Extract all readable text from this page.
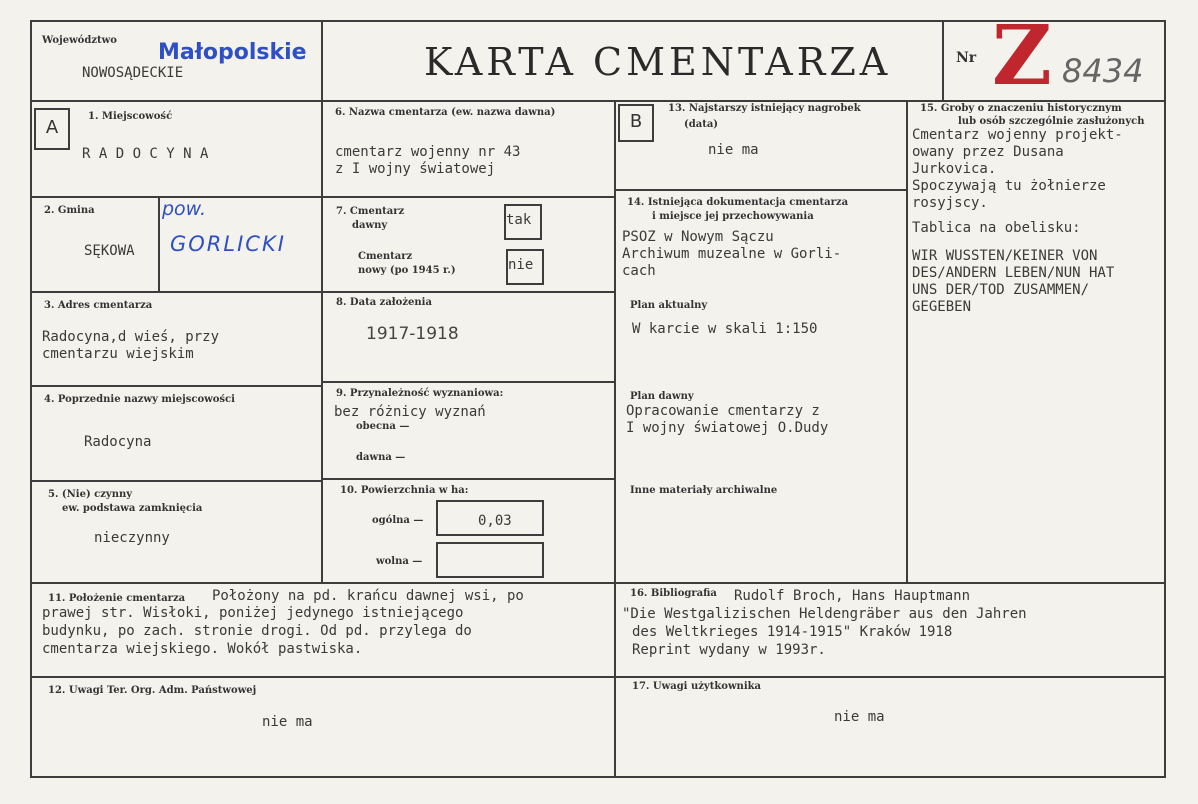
Województwo Małopolskie
NOWOSĄDECKIE	KARTA CMENTARZA	Nr Z 8434
A
1. Miejscowość
R A D O C Y N A
2. Gmina
SĘKOWA
pow.
GORLICKI
3. Adres cmentarza
Radocyna,d wieś, przy
cmentarzu wiejskim
4. Poprzednie nazwy miejscowości
Radocyna
5. (Nie) czynny
ew. podstawa zamknięcia
nieczynny
6. Nazwa cmentarza (ew. nazwa dawna)
cmentarz wojenny nr 43
z I wojny światowej
7. Cmentarz
dawny	tak
Cmentarz
nowy (po 1945 r.)	nie
8. Data założenia
1917-1918
9. Przynależność wyznaniowa:
bez różnicy wyznań
obecna —
dawna —
10. Powierzchnia w ha:
ogólna —	0,03
wolna —
B
13. Najstarszy istniejący nagrobek
(data)
nie ma
14. Istniejąca dokumentacja cmentarza
i miejsce jej przechowywania
PSOZ w Nowym Sączu
Archiwum muzealne w Gorli-
cach
Plan aktualny
W karcie w skali 1:150
Plan dawny
Opracowanie cmentarzy z
I wojny światowej O.Dudy
Inne materiały archiwalne
15. Groby o znaczeniu historycznym
lub osób szczególnie zasłużonych
Cmentarz wojenny projekt-
owany przez Dusana
Jurkovica.
Spoczywają tu żołnierze
rosyjscy.
Tablica na obelisku:
WIR WUSSTEN/KEINER VON
DES/ANDERN LEBEN/NUN HAT
UNS DER/TOD ZUSAMMEN/
GEGEBEN
11. Położenie cmentarza Położony na pd. krańcu dawnej wsi, po
prawej str. Wisłoki, poniżej jedynego istniejącego
budynku, po zach. stronie drogi. Od pd. przylega do
cmentarza wiejskiego. Wokół pastwiska.
16. Bibliografia Rudolf Broch, Hans Hauptmann
"Die Westgalizischen Heldengräber aus den Jahren
des Weltkrieges 1914-1915" Kraków 1918
Reprint wydany w 1993r.
12. Uwagi Ter. Org. Adm. Państwowej
nie ma
17. Uwagi użytkownika
nie ma
